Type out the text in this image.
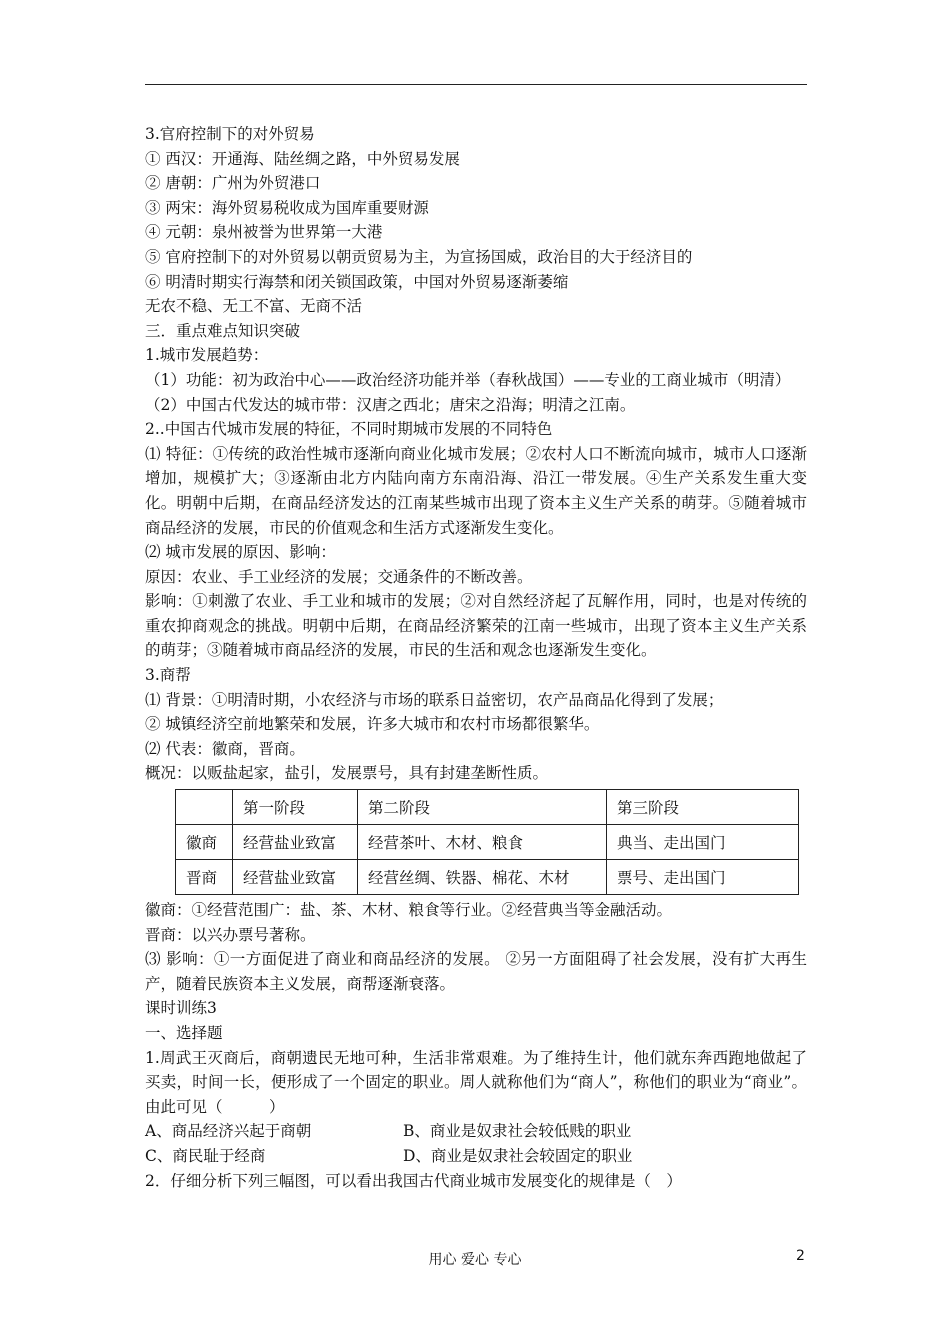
3.官府控制下的对外贸易

① 西汉：开通海、陆丝绸之路，中外贸易发展

② 唐朝：广州为外贸港口

③ 两宋：海外贸易税收成为国库重要财源

④ 元朝：泉州被誉为世界第一大港

⑤ 官府控制下的对外贸易以朝贡贸易为主，为宣扬国威，政治目的大于经济目的

⑥ 明清时期实行海禁和闭关锁国政策，中国对外贸易逐渐萎缩

无农不稳、无工不富、无商不活

三．重点难点知识突破

1.城市发展趋势：

（1）功能：初为政治中心——政治经济功能并举（春秋战国）——专业的工商业城市（明清）

（2）中国古代发达的城市带：汉唐之西北；唐宋之沿海；明清之江南。

2..中国古代城市发展的特征，不同时期城市发展的不同特色

⑴ 特征：①传统的政治性城市逐渐向商业化城市发展；②农村人口不断流向城市，城市人口逐渐增加，规模扩大；③逐渐由北方内陆向南方东南沿海、沿江一带发展。④生产关系发生重大变化。明朝中后期，在商品经济发达的江南某些城市出现了资本主义生产关系的萌芽。⑤随着城市商品经济的发展，市民的价值观念和生活方式逐渐发生变化。

⑵ 城市发展的原因、影响：

原因：农业、手工业经济的发展；交通条件的不断改善。

影响：①刺激了农业、手工业和城市的发展；②对自然经济起了瓦解作用，同时，也是对传统的重农抑商观念的挑战。明朝中后期，在商品经济繁荣的江南一些城市，出现了资本主义生产关系的萌芽；③随着城市商品经济的发展，市民的生活和观念也逐渐发生变化。

3.商帮

⑴ 背景：①明清时期，小农经济与市场的联系日益密切，农产品商品化得到了发展；

② 城镇经济空前地繁荣和发展，许多大城市和农村市场都很繁华。

⑵ 代表：徽商，晋商。

概况：以贩盐起家，盐引，发展票号，具有封建垄断性质。

	第一阶段	第二阶段	第三阶段
徽商	经营盐业致富	经营茶叶、木材、粮食	典当、走出国门
晋商	经营盐业致富	经营丝绸、铁器、棉花、木材	票号、走出国门

徽商：①经营范围广：盐、茶、木材、粮食等行业。②经营典当等金融活动。

晋商：以兴办票号著称。

⑶ 影响：①一方面促进了商业和商品经济的发展。 ②另一方面阻碍了社会发展，没有扩大再生产，随着民族资本主义发展，商帮逐渐衰落。

课时训练3

一、选择题

1.周武王灭商后，商朝遗民无地可种，生活非常艰难。为了维持生计，他们就东奔西跑地做起了买卖，时间一长，便形成了一个固定的职业。周人就称他们为“商人”，称他们的职业为“商业”。由此可见（　　　）

A、商品经济兴起于商朝	B、商业是奴隶社会较低贱的职业
C、商民耻于经商	D、商业是奴隶社会较固定的职业

2．仔细分析下列三幅图，可以看出我国古代商业城市发展变化的规律是（　）

用心 爱心 专心	2
